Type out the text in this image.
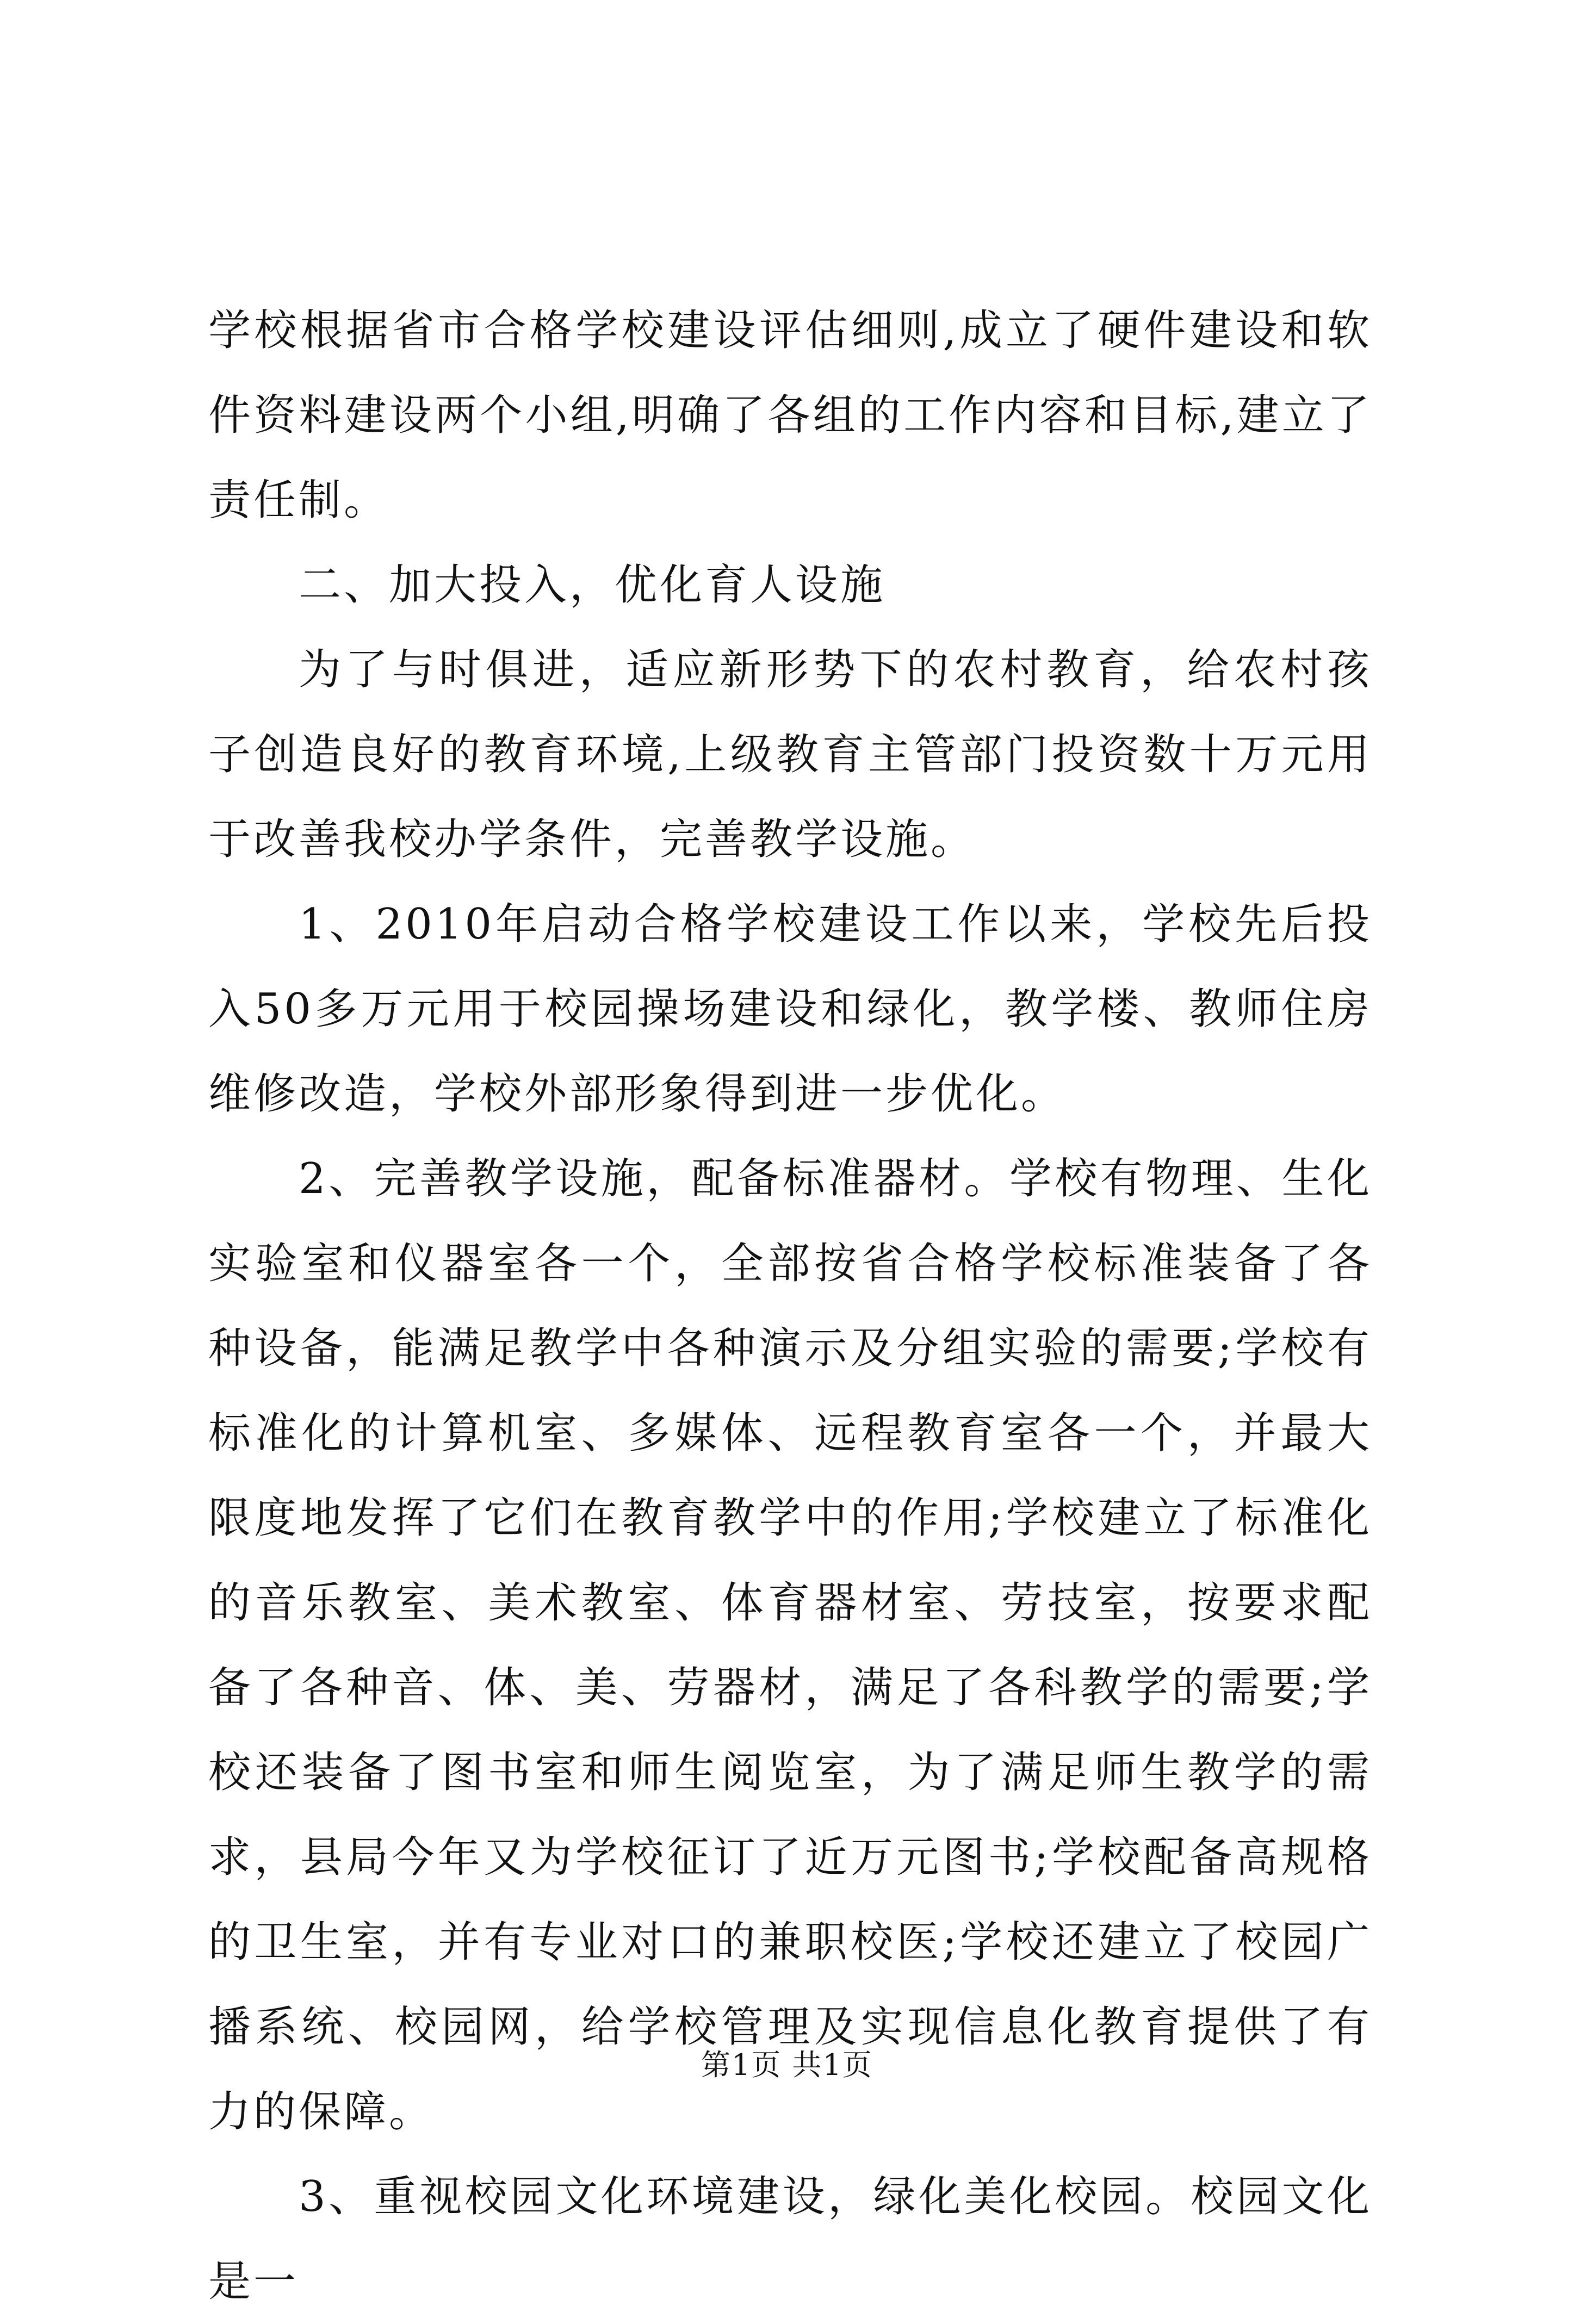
学校根据省市合格学校建设评估细则,成立了硬件建设和软件资料建设两个小组,明确了各组的工作内容和目标,建立了责任制。

二、加大投入，优化育人设施

为了与时俱进，适应新形势下的农村教育，给农村孩子创造良好的教育环境,上级教育主管部门投资数十万元用于改善我校办学条件，完善教学设施。

1、2010年启动合格学校建设工作以来，学校先后投入50多万元用于校园操场建设和绿化，教学楼、教师住房维修改造，学校外部形象得到进一步优化。

2、完善教学设施，配备标准器材。学校有物理、生化实验室和仪器室各一个，全部按省合格学校标准装备了各种设备，能满足教学中各种演示及分组实验的需要;学校有标准化的计算机室、多媒体、远程教育室各一个，并最大限度地发挥了它们在教育教学中的作用;学校建立了标准化的音乐教室、美术教室、体育器材室、劳技室，按要求配备了各种音、体、美、劳器材，满足了各科教学的需要;学校还装备了图书室和师生阅览室，为了满足师生教学的需求，县局今年又为学校征订了近万元图书;学校配备高规格的卫生室，并有专业对口的兼职校医;学校还建立了校园广播系统、校园网，给学校管理及实现信息化教育提供了有力的保障。

3、重视校园文化环境建设，绿化美化校园。校园文化是一

第1页 共1页
